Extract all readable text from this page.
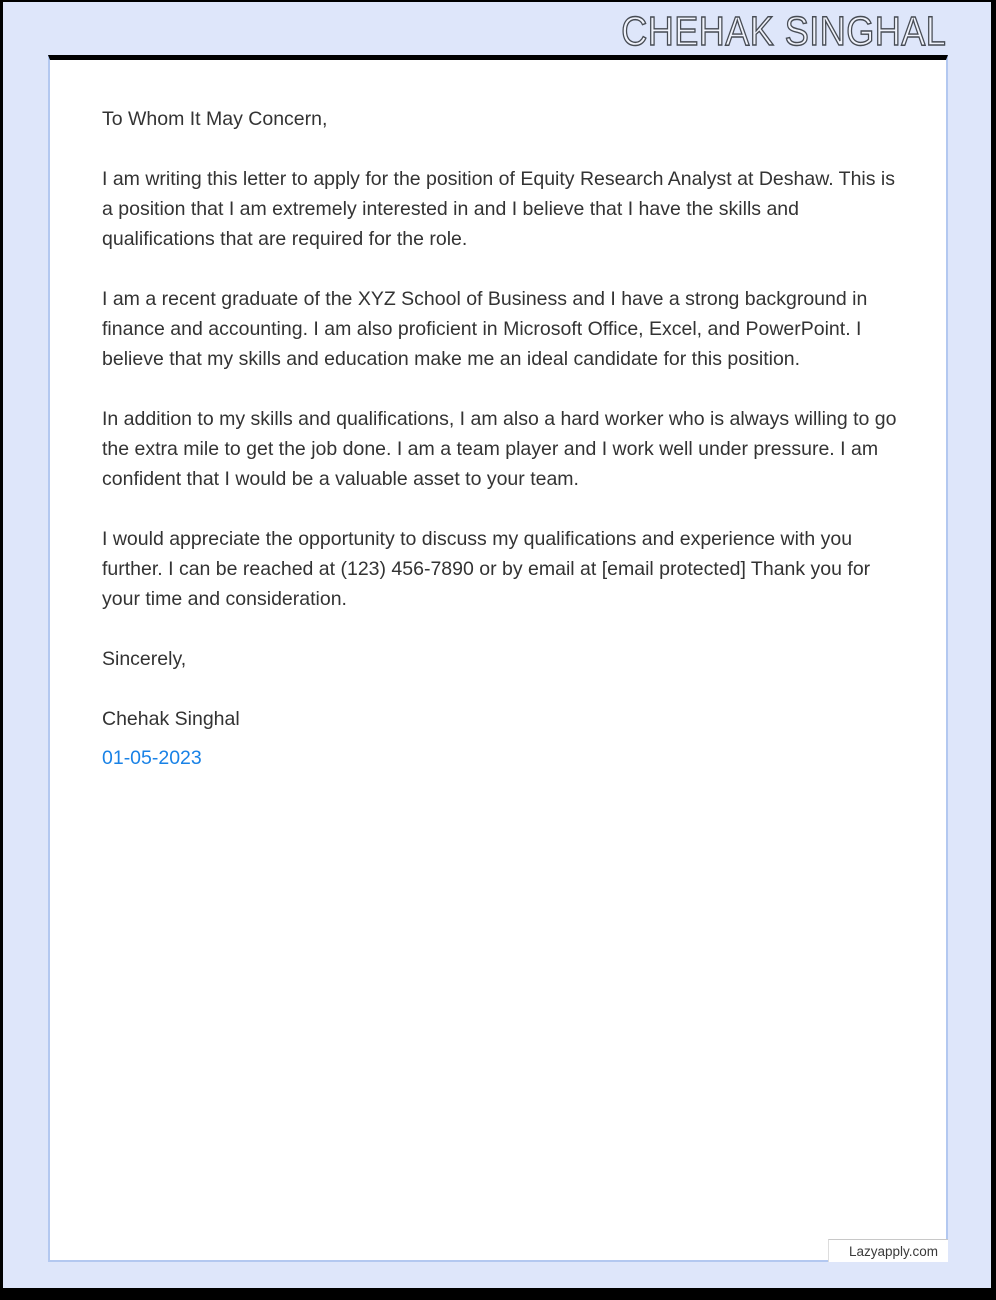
CHEHAK SINGHAL

To Whom It May Concern,

I am writing this letter to apply for the position of Equity Research Analyst at Deshaw. This is a position that I am extremely interested in and I believe that I have the skills and qualifications that are required for the role.

I am a recent graduate of the XYZ School of Business and I have a strong background in finance and accounting. I am also proficient in Microsoft Office, Excel, and PowerPoint. I believe that my skills and education make me an ideal candidate for this position.

In addition to my skills and qualifications, I am also a hard worker who is always willing to go the extra mile to get the job done. I am a team player and I work well under pressure. I am confident that I would be a valuable asset to your team.

I would appreciate the opportunity to discuss my qualifications and experience with you further. I can be reached at (123) 456-7890 or by email at [email protected] Thank you for your time and consideration.

Sincerely,

Chehak Singhal

01-05-2023

Lazyapply.com
